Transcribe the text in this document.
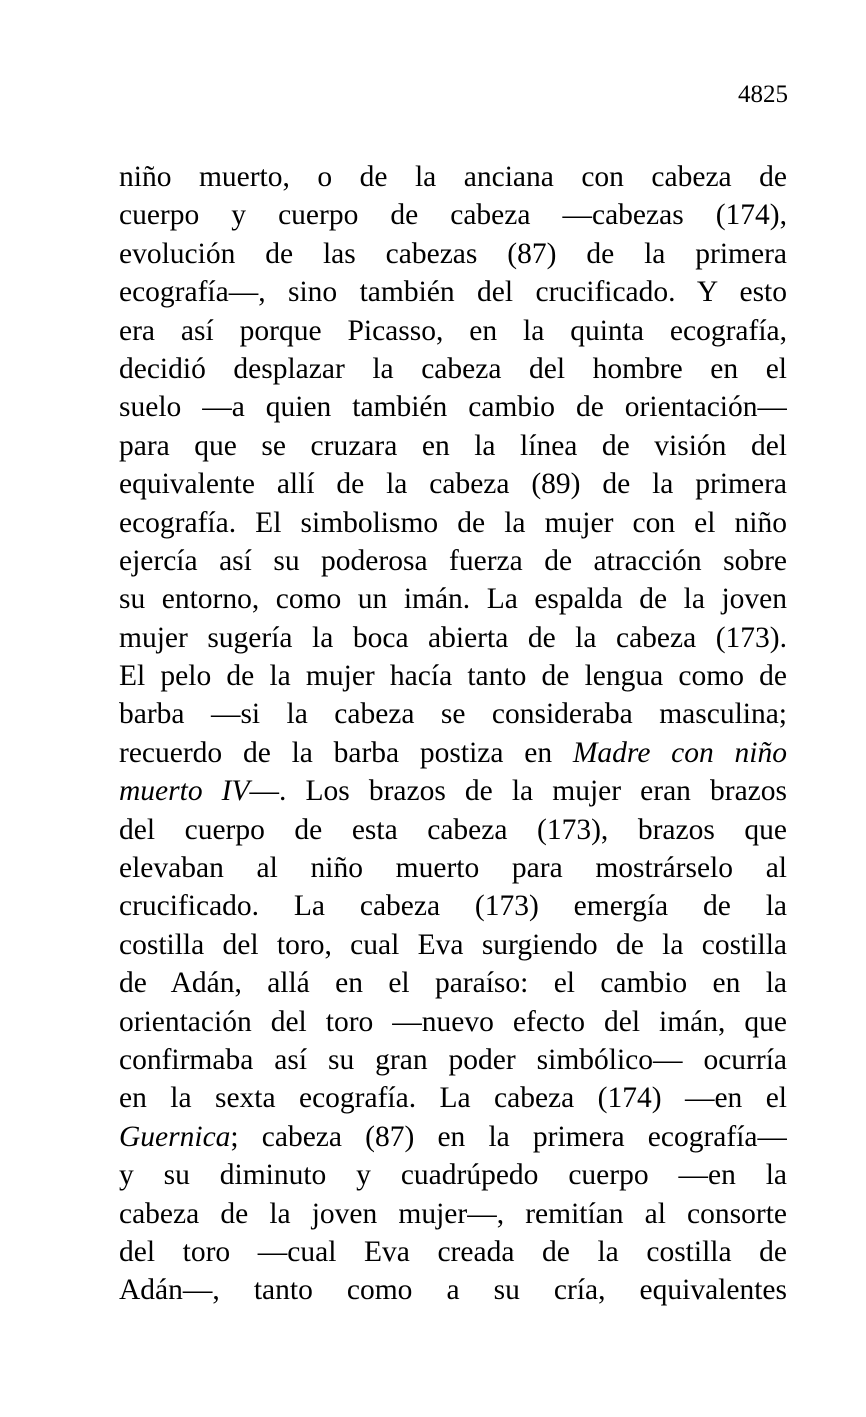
4825
niño muerto, o de la anciana con cabeza de
cuerpo y cuerpo de cabeza —cabezas (174),
evolución de las cabezas (87) de la primera
ecografía—, sino también del crucificado. Y esto
era así porque Picasso, en la quinta ecografía,
decidió desplazar la cabeza del hombre en el
suelo —a quien también cambio de orientación—
para que se cruzara en la línea de visión del
equivalente allí de la cabeza (89) de la primera
ecografía. El simbolismo de la mujer con el niño
ejercía así su poderosa fuerza de atracción sobre
su entorno, como un imán. La espalda de la joven
mujer sugería la boca abierta de la cabeza (173).
El pelo de la mujer hacía tanto de lengua como de
barba —si la cabeza se consideraba masculina;
recuerdo de la barba postiza en Madre con niño
muerto IV—. Los brazos de la mujer eran brazos
del cuerpo de esta cabeza (173), brazos que
elevaban al niño muerto para mostrárselo al
crucificado. La cabeza (173) emergía de la
costilla del toro, cual Eva surgiendo de la costilla
de Adán, allá en el paraíso: el cambio en la
orientación del toro —nuevo efecto del imán, que
confirmaba así su gran poder simbólico— ocurría
en la sexta ecografía. La cabeza (174) —en el
Guernica; cabeza (87) en la primera ecografía—
y su diminuto y cuadrúpedo cuerpo —en la
cabeza de la joven mujer—, remitían al consorte
del toro —cual Eva creada de la costilla de
Adán—, tanto como a su cría, equivalentes
